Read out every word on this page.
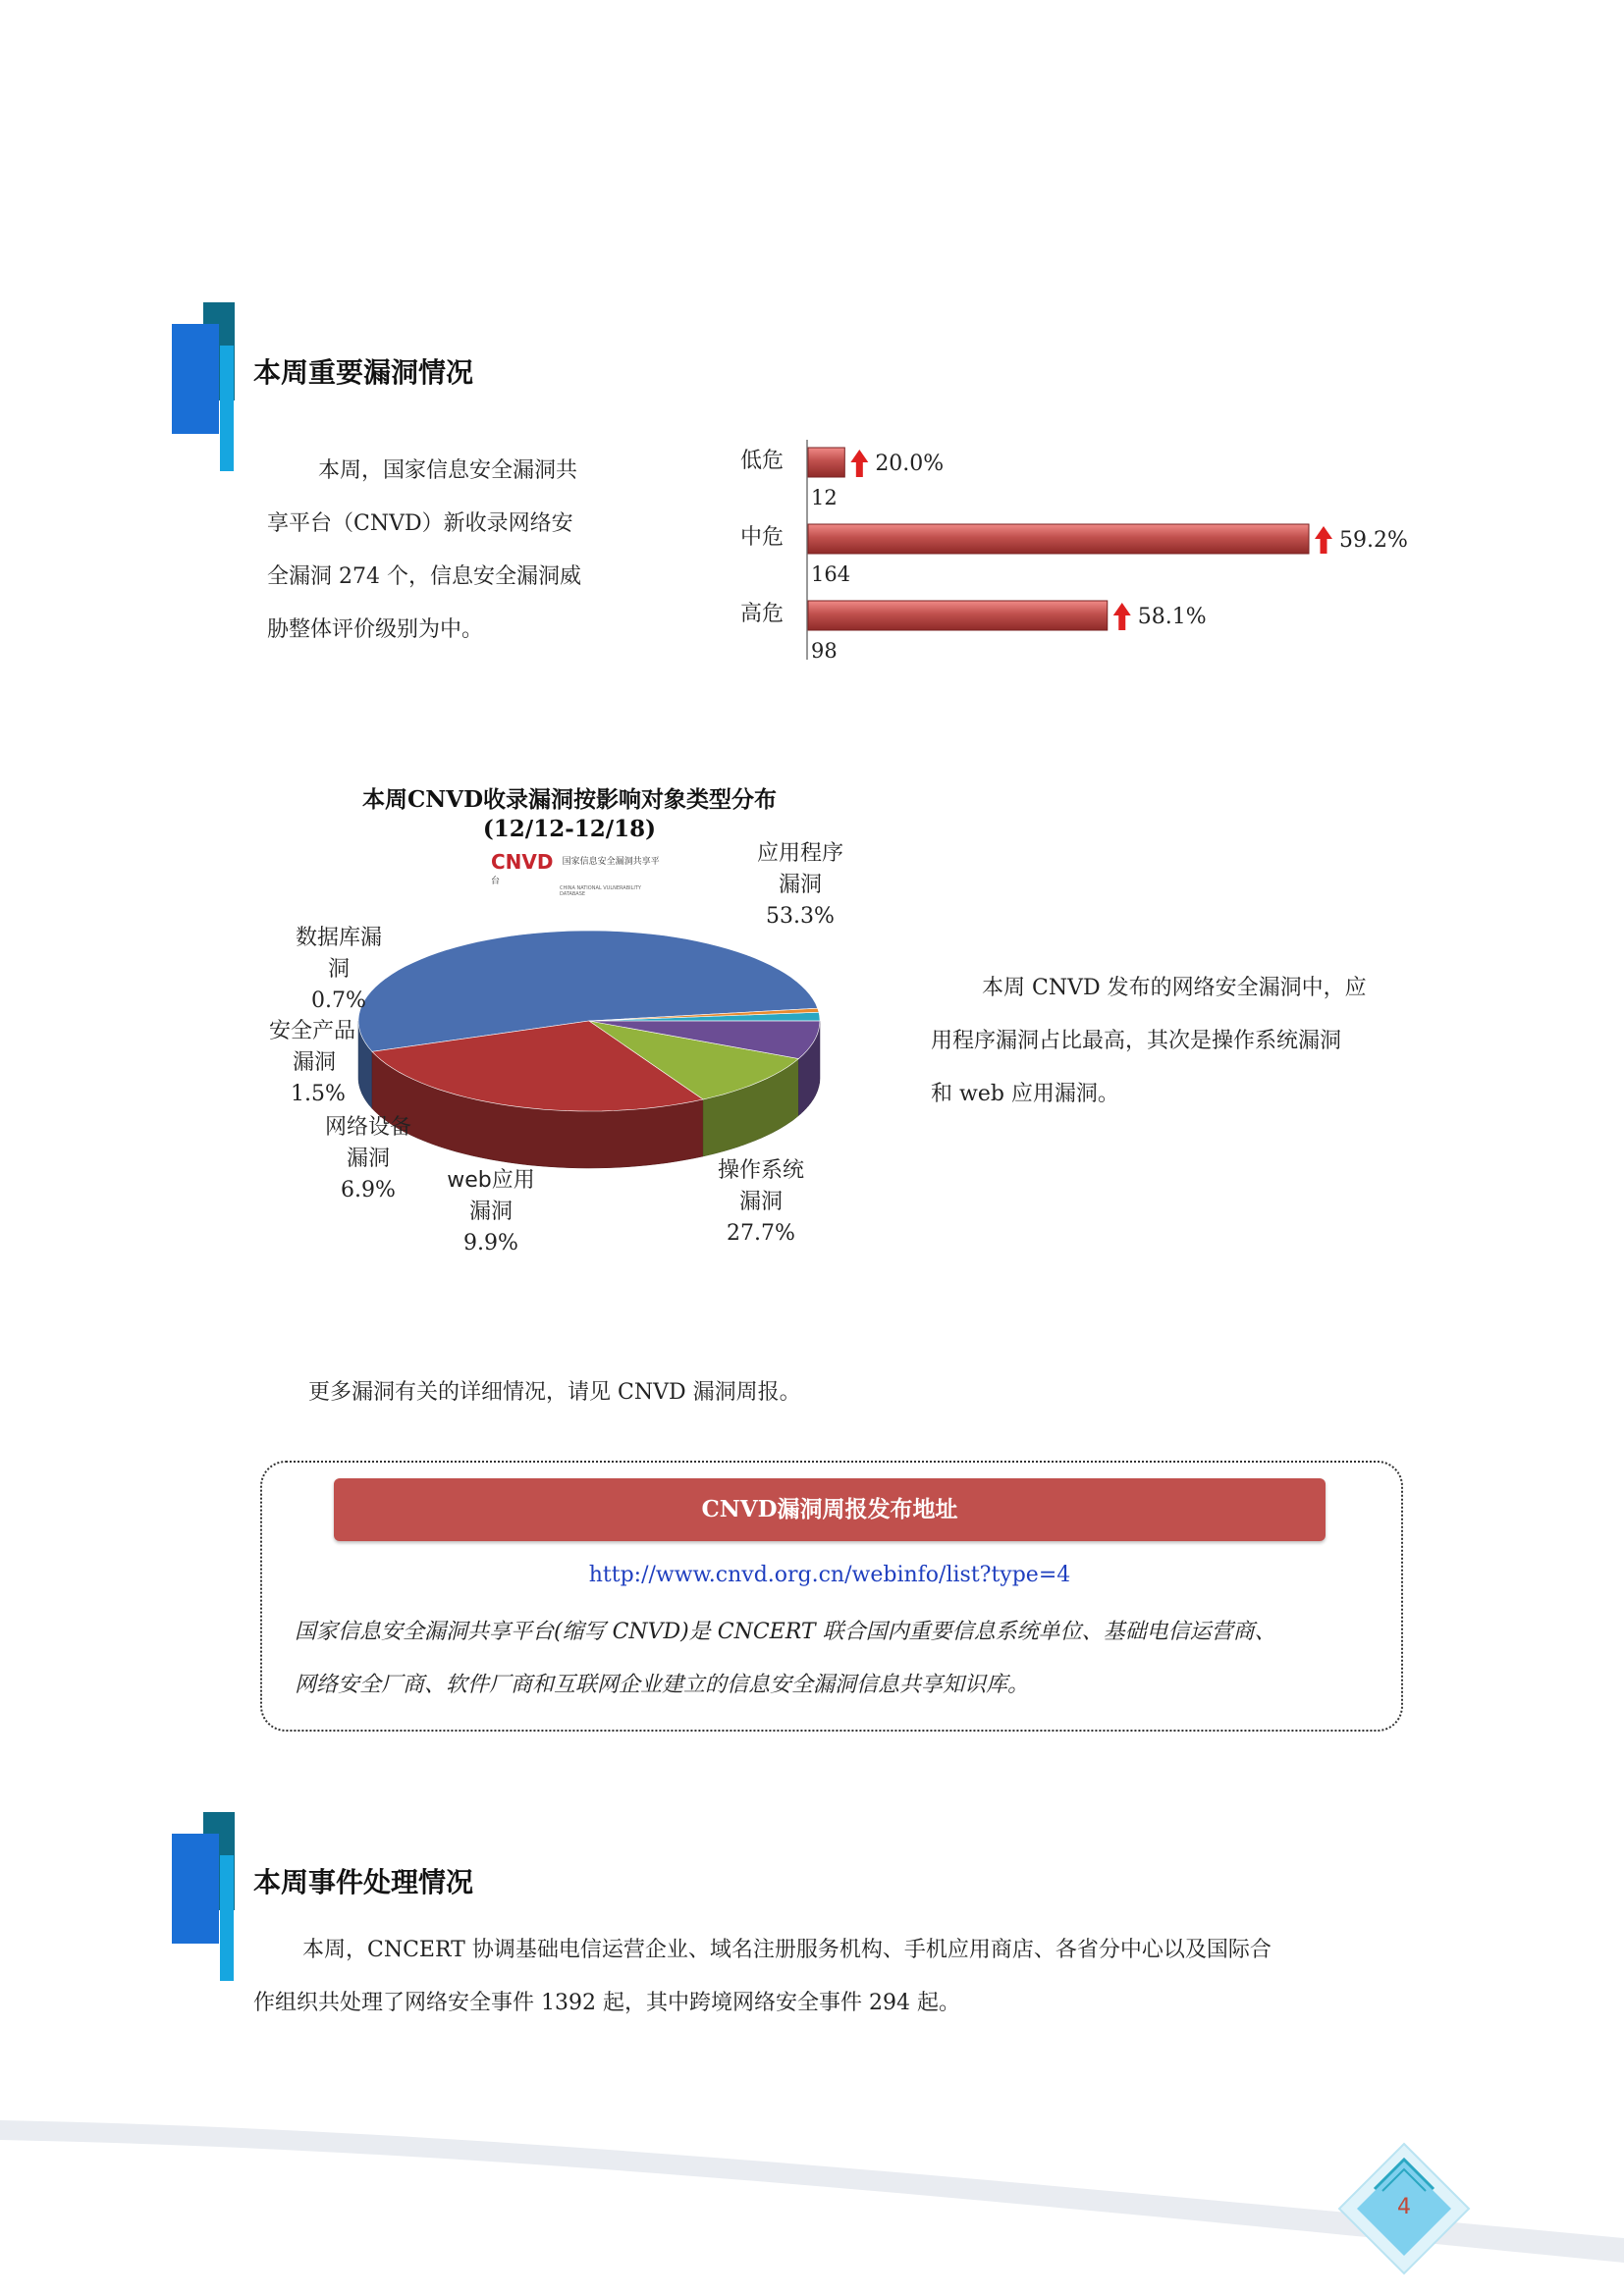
本周重要漏洞情况
本周，国家信息安全漏洞共
享平台（CNVD）新收录网络安
全漏洞 274 个，信息安全漏洞威
胁整体评价级别为中。
低危	20.0%
12
中危	59.2%
164
高危	58.1%
98
本周CNVD收录漏洞按影响对象类型分布
(12/12-12/18)
CNVD $^{国家信息安全漏洞共享平台}$
CHINA NATIONAL VULNERABILITY DATABASE
应用程序
漏洞
53.3%
数据库漏
洞
0.7%
安全产品
漏洞
1.5%
网络设备
漏洞
6.9%	web应用
漏洞
9.9%
操作系统
漏洞
27.7%
本周 CNVD 发布的网络安全漏洞中，应
用程序漏洞占比最高，其次是操作系统漏洞
和 web 应用漏洞。
更多漏洞有关的详细情况，请见 CNVD 漏洞周报。
CNVD漏洞周报发布地址
http://www.cnvd.org.cn/webinfo/list?type=4
国家信息安全漏洞共享平台(缩写 CNVD)是 CNCERT 联合国内重要信息系统单位、基础电信运营商、
网络安全厂商、软件厂商和互联网企业建立的信息安全漏洞信息共享知识库。
本周事件处理情况
本周，CNCERT 协调基础电信运营企业、域名注册服务机构、手机应用商店、各省分中心以及国际合
作组织共处理了网络安全事件 1392 起，其中跨境网络安全事件 294 起。
4
